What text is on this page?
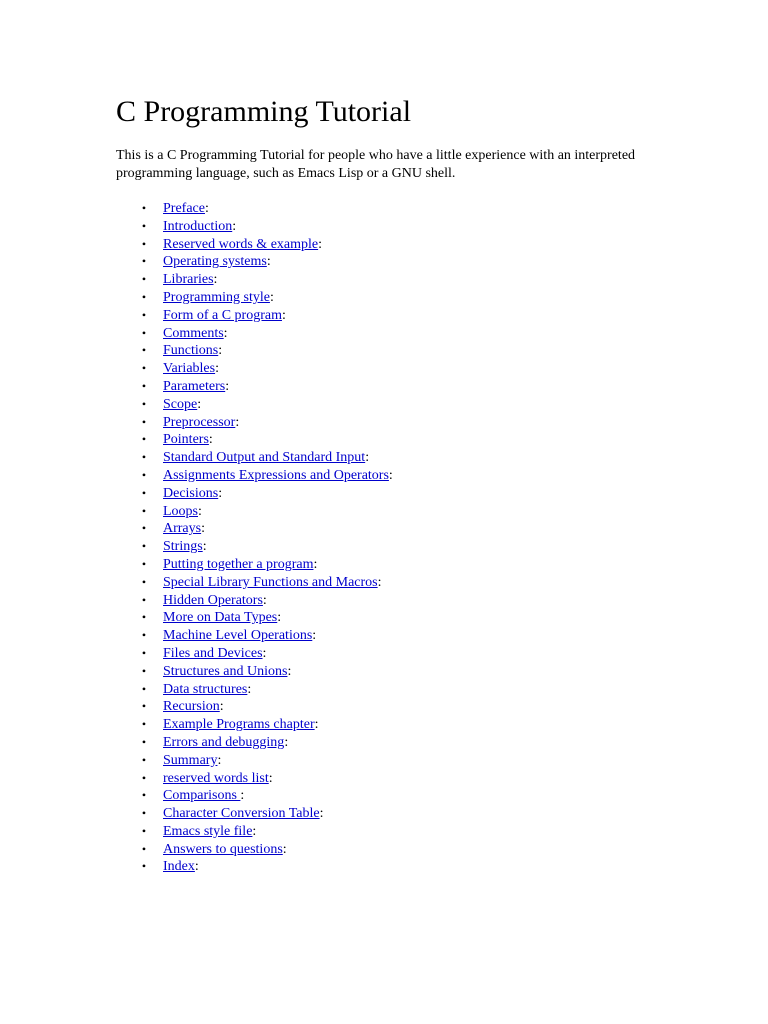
C Programming Tutorial

This is a C Programming Tutorial for people who have a little experience with an interpreted programming language, such as Emacs Lisp or a GNU shell.

• Preface:
• Introduction:
• Reserved words & example:
• Operating systems:
• Libraries:
• Programming style:
• Form of a C program:
• Comments:
• Functions:
• Variables:
• Parameters:
• Scope:
• Preprocessor:
• Pointers:
• Standard Output and Standard Input:
• Assignments Expressions and Operators:
• Decisions:
• Loops:
• Arrays:
• Strings:
• Putting together a program:
• Special Library Functions and Macros:
• Hidden Operators:
• More on Data Types:
• Machine Level Operations:
• Files and Devices:
• Structures and Unions:
• Data structures:
• Recursion:
• Example Programs chapter:
• Errors and debugging:
• Summary:
• reserved words list:
• Comparisons :
• Character Conversion Table:
• Emacs style file:
• Answers to questions:
• Index:
